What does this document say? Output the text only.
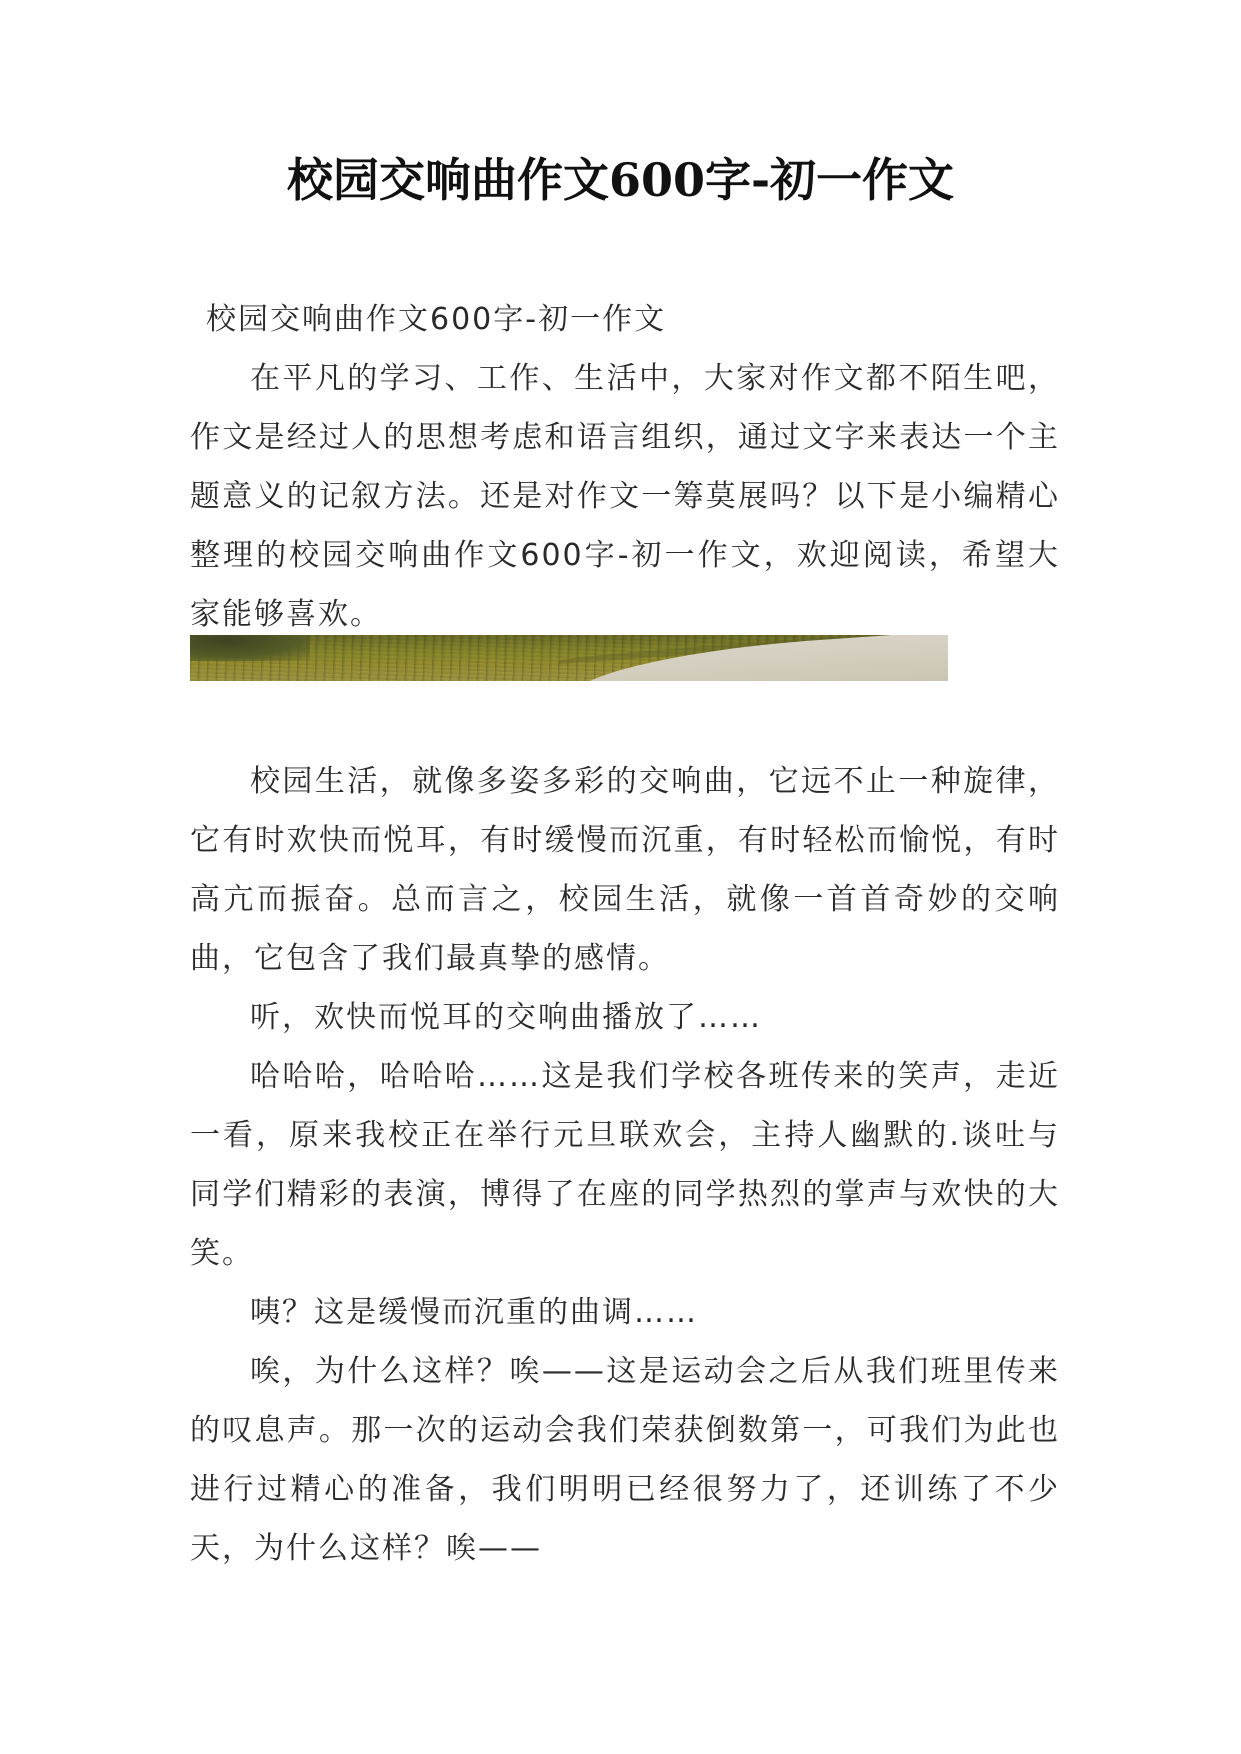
校园交响曲作文600字-初一作文

校园交响曲作文600字-初一作文

在平凡的学习、工作、生活中，大家对作文都不陌生吧，作文是经过人的思想考虑和语言组织，通过文字来表达一个主题意义的记叙方法。还是对作文一筹莫展吗？以下是小编精心整理的校园交响曲作文600字-初一作文，欢迎阅读，希望大家能够喜欢。

校园生活，就像多姿多彩的交响曲，它远不止一种旋律，它有时欢快而悦耳，有时缓慢而沉重，有时轻松而愉悦，有时高亢而振奋。总而言之，校园生活，就像一首首奇妙的交响曲，它包含了我们最真挚的感情。

听，欢快而悦耳的交响曲播放了……

哈哈哈，哈哈哈……这是我们学校各班传来的笑声，走近一看，原来我校正在举行元旦联欢会，主持人幽默的.谈吐与同学们精彩的表演，博得了在座的同学热烈的掌声与欢快的大笑。

咦？这是缓慢而沉重的曲调……

唉，为什么这样？唉——这是运动会之后从我们班里传来的叹息声。那一次的运动会我们荣获倒数第一，可我们为此也进行过精心的准备，我们明明已经很努力了，还训练了不少天，为什么这样？唉——
